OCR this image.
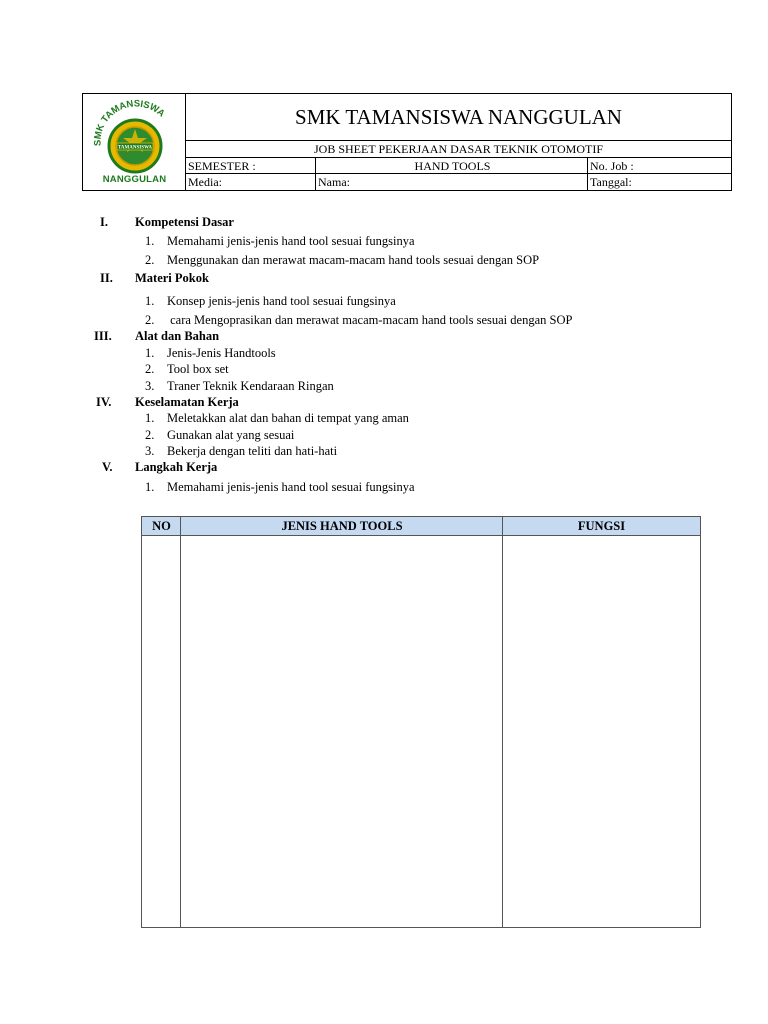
SMK TAMANSISWA
TAMANSISWA
NANGGULAN
SMK TAMANSISWA NANGGULAN
JOB SHEET PEKERJAAN DASAR TEKNIK OTOMOTIF
SEMESTER :	HAND TOOLS	No. Job :
Media:	Nama:	Tanggal:
I. Kompetensi Dasar
1. Memahami jenis-jenis hand tool sesuai fungsinya
2. Menggunakan dan merawat macam-macam hand tools sesuai dengan SOP
II. Materi Pokok
1. Konsep jenis-jenis hand tool sesuai fungsinya
2. cara Mengoprasikan dan merawat macam-macam hand tools sesuai dengan SOP
III. Alat dan Bahan
1. Jenis-Jenis Handtools
2. Tool box set
3. Traner Teknik Kendaraan Ringan
IV. Keselamatan Kerja
1. Meletakkan alat dan bahan di tempat yang aman
2. Gunakan alat yang sesuai
3. Bekerja dengan teliti dan hati-hati
V. Langkah Kerja
1. Memahami jenis-jenis hand tool sesuai fungsinya
NO	JENIS HAND TOOLS	FUNGSI
